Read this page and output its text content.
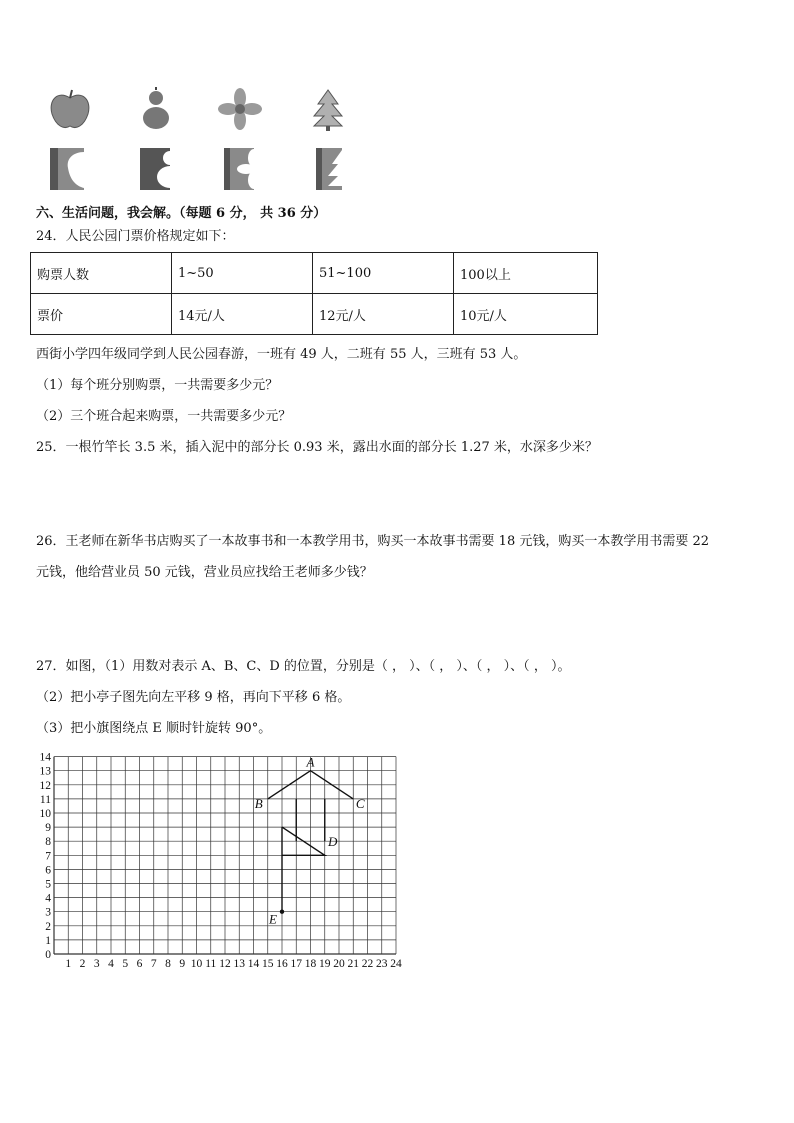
六、生活问题，我会解。（每题 6 分， 共 36 分）
24．人民公园门票价格规定如下：
购票人数	1~50	51~100	100以上
票价	14元/人	12元/人	10元/人
西街小学四年级同学到人民公园春游，一班有 49 人，二班有 55 人，三班有 53 人。
（1）每个班分别购票，一共需要多少元？
（2）三个班合起来购票，一共需要多少元？
25．一根竹竿长 3.5 米，插入泥中的部分长 0.93 米，露出水面的部分长 1.27 米，水深多少米？
26．王老师在新华书店购买了一本故事书和一本教学用书，购买一本故事书需要 18 元钱，购买一本教学用书需要 22
元钱，他给营业员 50 元钱，营业员应找给王老师多少钱？
27．如图，（1）用数对表示 A、B、C、D 的位置，分别是（ ， ）、（ ， ）、（ ， ）、（ ， ）。
（2）把小亭子图先向左平移 9 格，再向下平移 6 格。
（3）把小旗图绕点 E 顺时针旋转 90°。
1 2 3 4 5 6 7 8 9 10 11 12 13 14 15 16 17 18 19 20 21 22 23 24
0
1
2
3
4
5
6
7
8
9
10
11
12
13
14	A
B	C
D
E
